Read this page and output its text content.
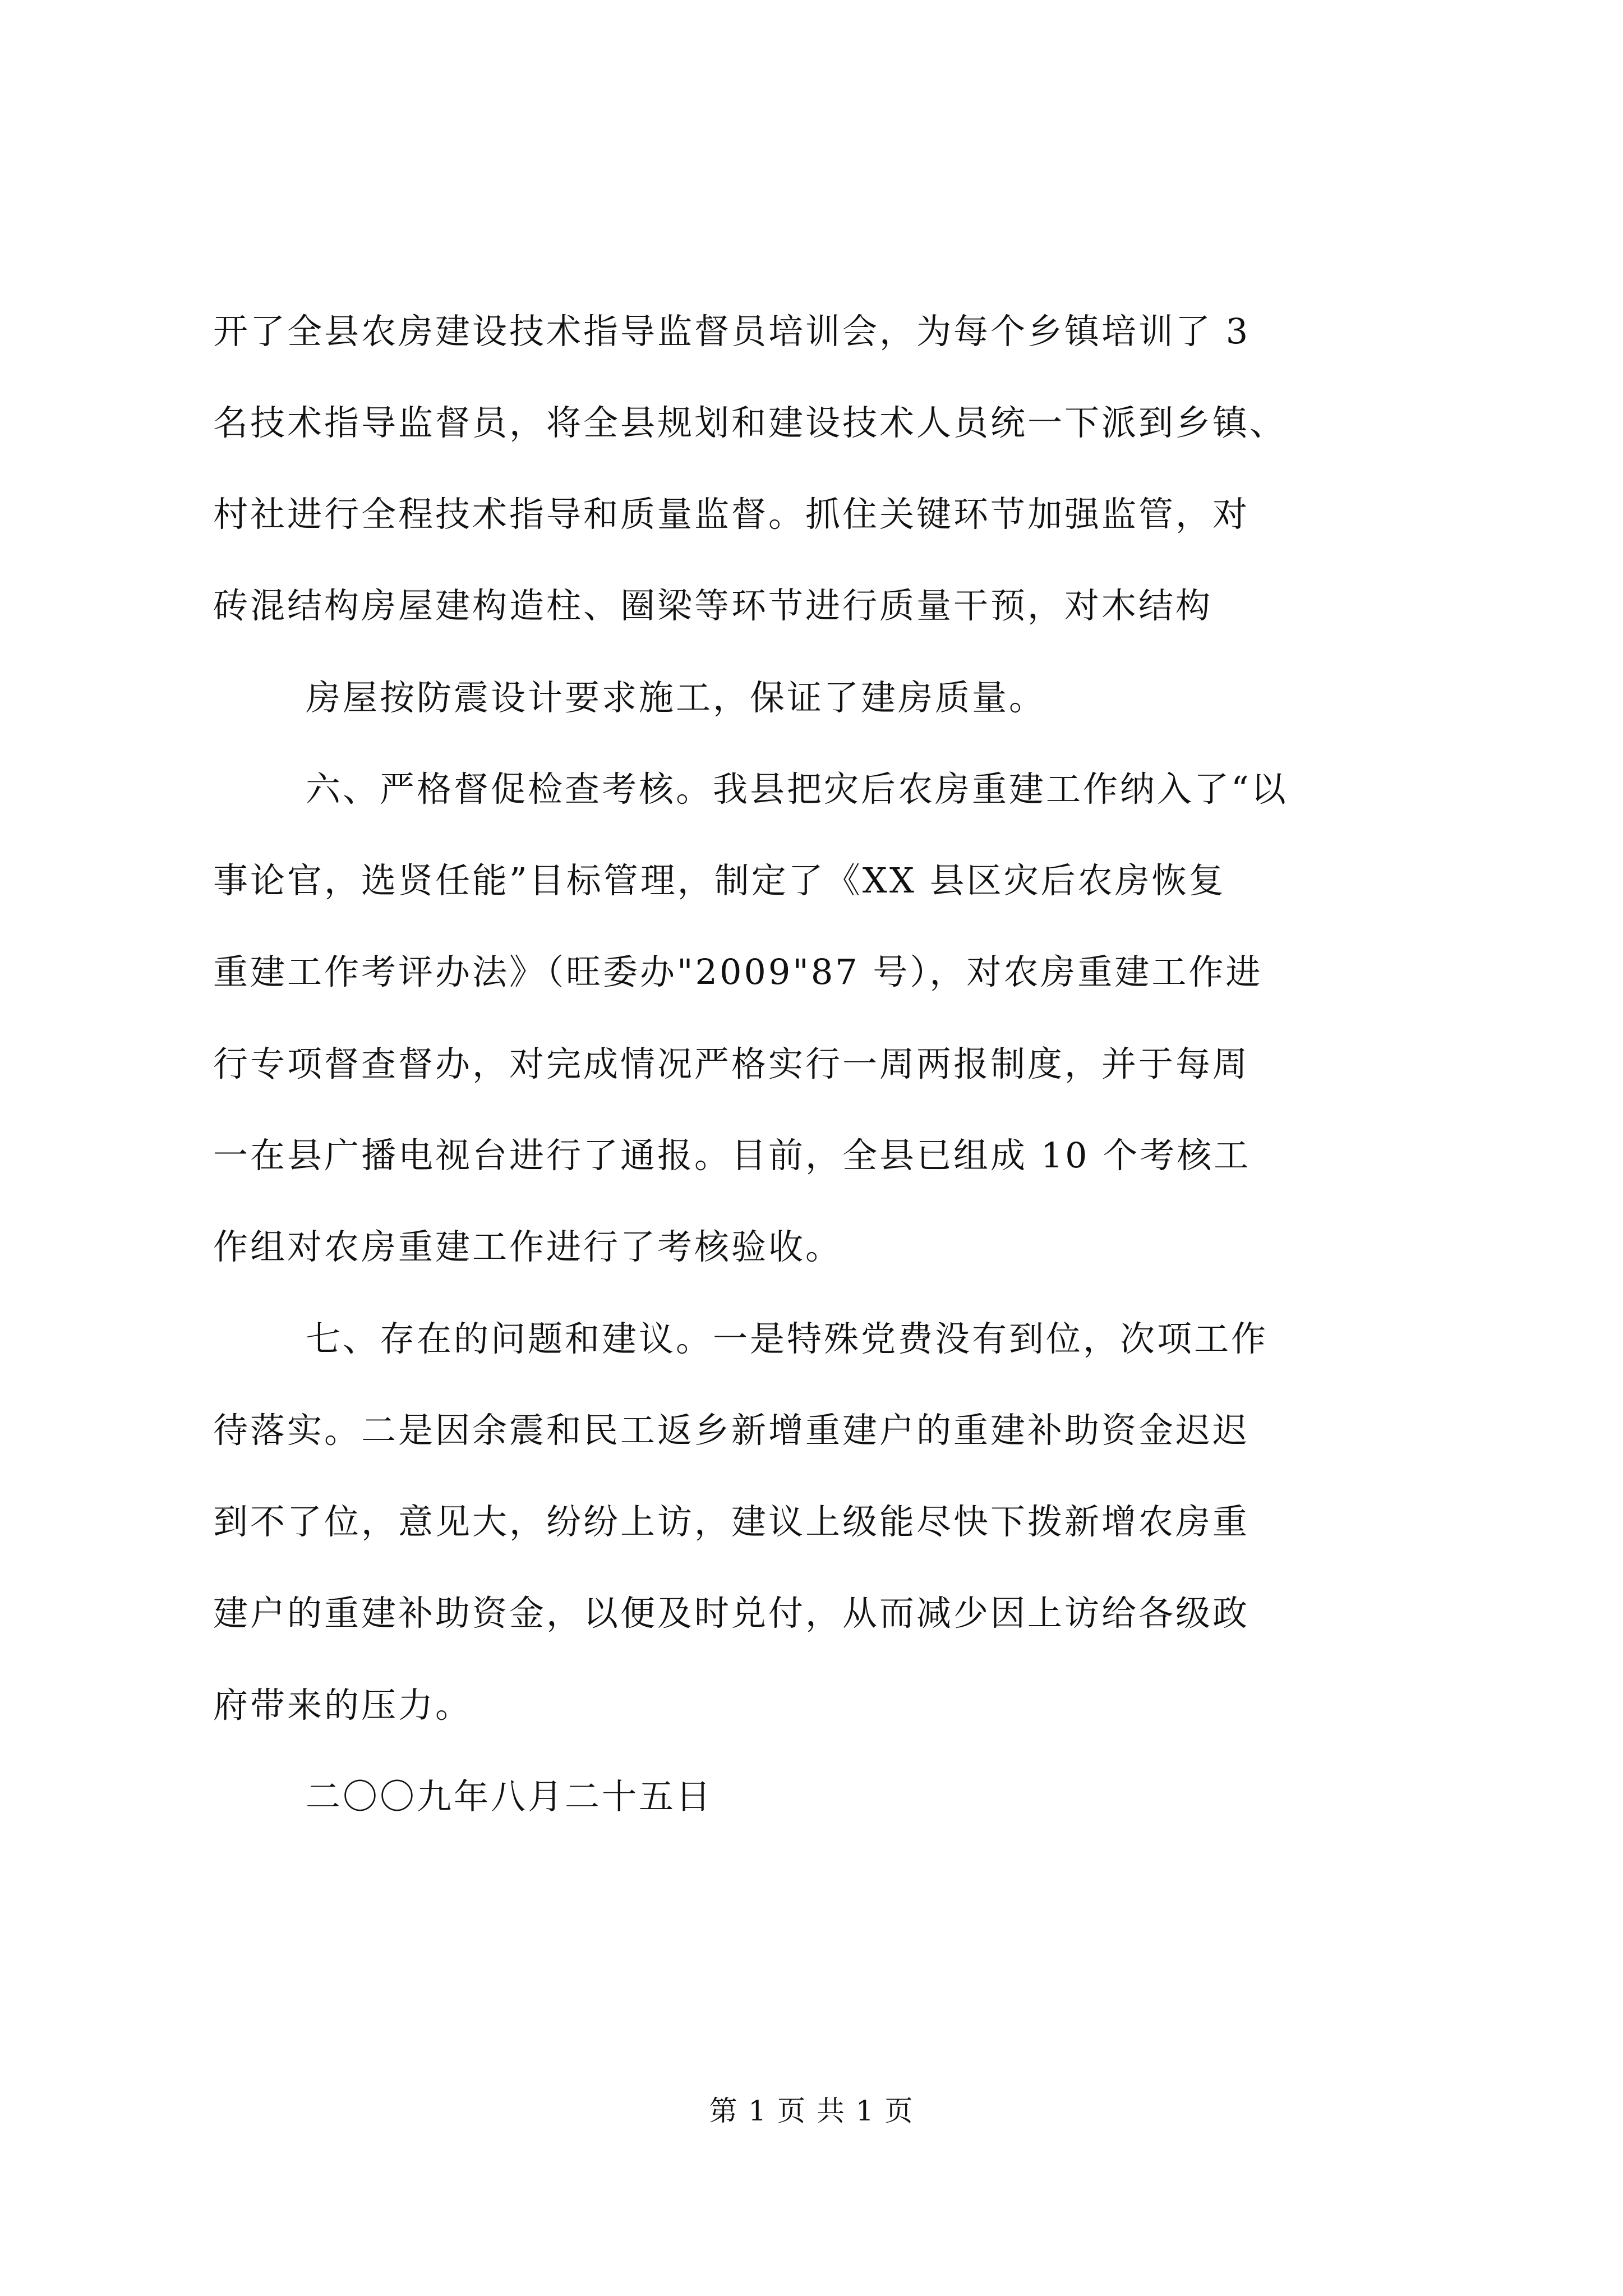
开了全县农房建设技术指导监督员培训会，为每个乡镇培训了 3
名技术指导监督员，将全县规划和建设技术人员统一下派到乡镇、
村社进行全程技术指导和质量监督。抓住关键环节加强监管，对
砖混结构房屋建构造柱、圈梁等环节进行质量干预，对木结构
房屋按防震设计要求施工，保证了建房质量。
六、严格督促检查考核。我县把灾后农房重建工作纳入了“以
事论官，选贤任能”目标管理，制定了《XX 县区灾后农房恢复
重建工作考评办法》（旺委办"2009"87 号），对农房重建工作进
行专项督查督办，对完成情况严格实行一周两报制度，并于每周
一在县广播电视台进行了通报。目前，全县已组成 10 个考核工
作组对农房重建工作进行了考核验收。
七、存在的问题和建议。一是特殊党费没有到位，次项工作
待落实。二是因余震和民工返乡新增重建户的重建补助资金迟迟
到不了位，意见大，纷纷上访，建议上级能尽快下拨新增农房重
建户的重建补助资金，以便及时兑付，从而减少因上访给各级政
府带来的压力。
二〇〇九年八月二十五日
第 1 页 共 1 页
